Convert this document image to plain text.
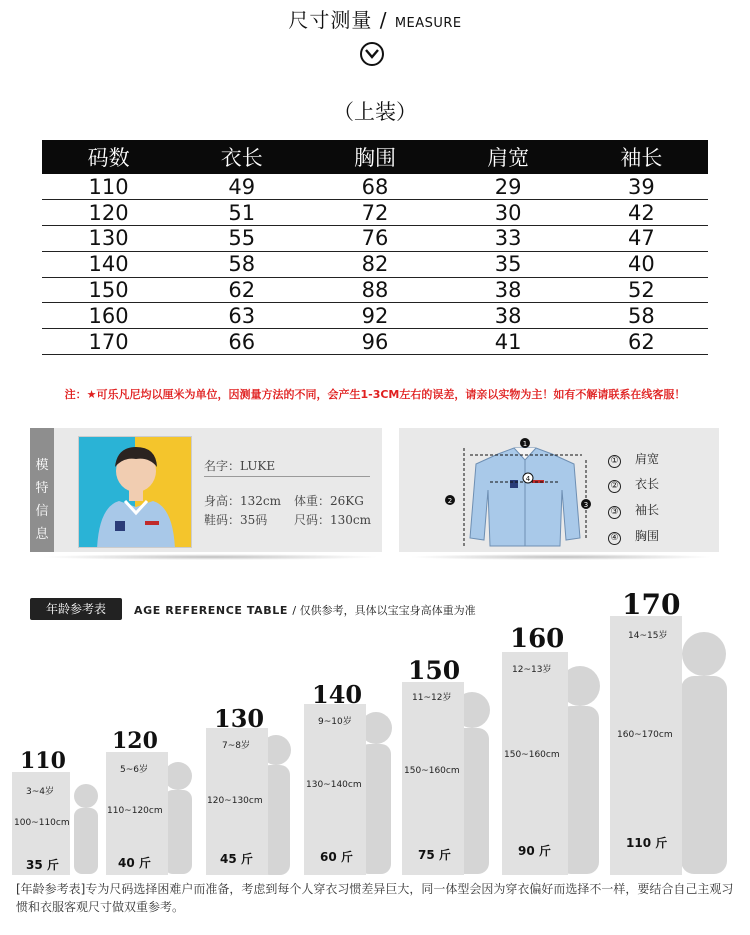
尺寸测量 / MEASURE
（上装）
码数	衣长	胸围	肩宽	袖长
110	49	68	29	39
120	51	72	30	42
130	55	76	33	47
140	58	82	35	40
150	62	88	38	52
160	63	92	38	58
170	66	96	41	62
注：★可乐凡尼均以厘米为单位，因测量方法的不同，会产生1-3CM左右的误差，请亲以实物为主！如有不解请联系在线客服！
模
特
信
息
名字：LUKE
身高：132cm 体重：26KG
鞋码：35码 尺码：130cm
1
4
2	3
① 肩宽
② 衣长
③ 袖长
④ 胸围
年龄参考表	AGE REFERENCE TABLE / 仅供参考，具体以宝宝身高体重为准
110
3~4岁
100~110cm
35 斤
120
5~6岁
110~120cm
40 斤
130
7~8岁
120~130cm
45 斤
140
9~10岁
130~140cm
60 斤
150
11~12岁
150~160cm
75 斤
160
12~13岁
150~160cm
90 斤
170
14~15岁
160~170cm
110 斤
[年龄参考表]专为尺码选择困难户而准备，考虑到每个人穿衣习惯差异巨大，同一体型会因为穿衣偏好而选择不一样，要结合自己主观习惯和衣服客观尺寸做双重参考。
